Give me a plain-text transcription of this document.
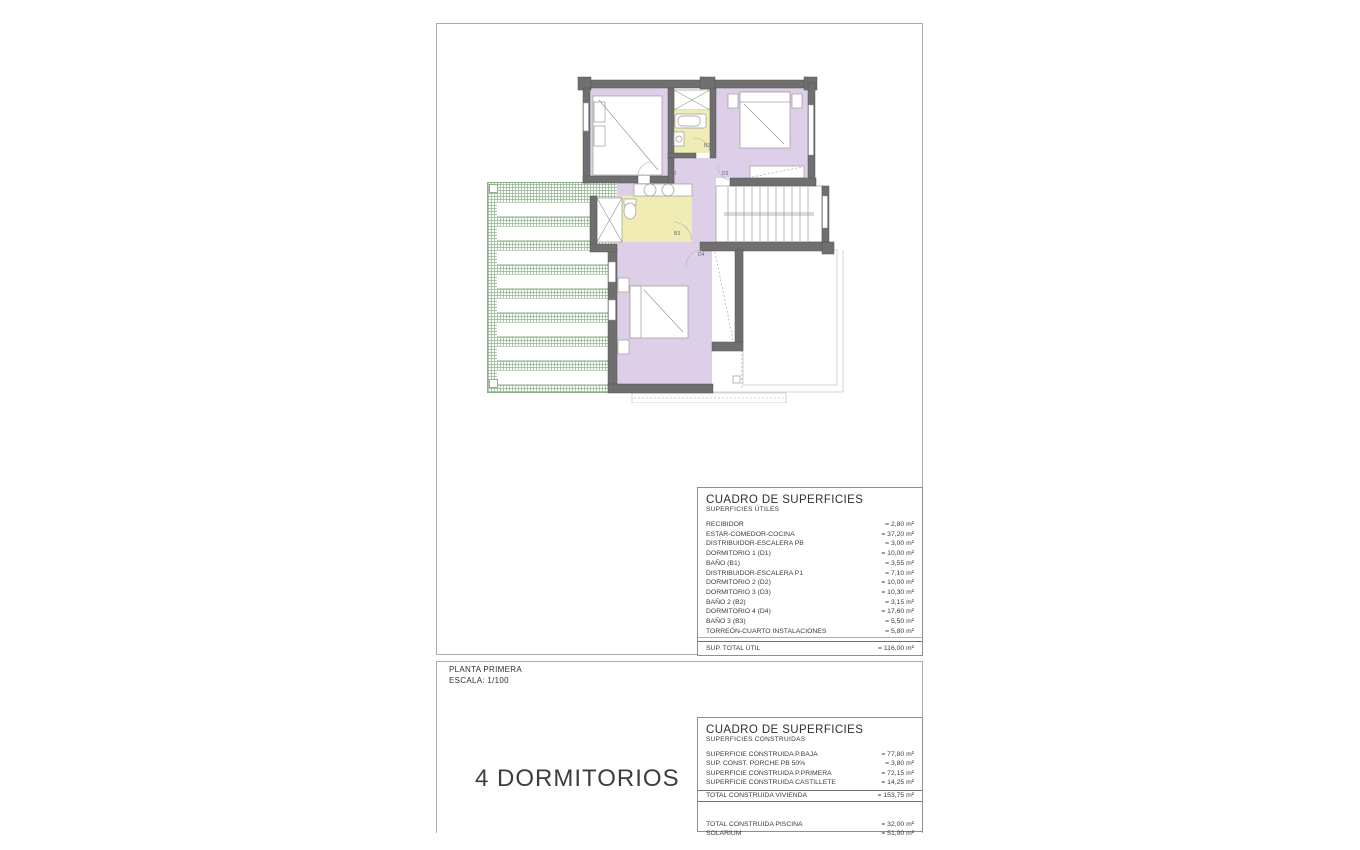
D2	D3
B2
B3
D4
CUADRO DE SUPERFICIES
SUPERFICIES ÚTILES
RECIBIDOR	= 2,80 m²
ESTAR-COMEDOR-COCINA	= 37,20 m²
DISTRIBUIDOR-ESCALERA PB	= 3,00 m²
DORMITORIO 1 (D1)	= 10,00 m²
BAÑO (B1)	= 3,55 m²
DISTRIBUIDOR-ESCALERA P1	= 7,10 m²
DORMITORIO 2 (D2)	= 10,00 m²
DORMITORIO 3 (D3)	= 10,30 m²
BAÑO 2 (B2)	= 3,15 m²
DORMITORIO 4 (D4)	= 17,60 m²
BAÑO 3 (B3)	= 5,50 m²
TORREÓN-CUARTO INSTALACIONES	= 5,80 m²
SUP. TOTAL ÚTIL	= 116,00 m²
PLANTA PRIMERA
ESCALA: 1/100
4 DORMITORIOS
CUADRO DE SUPERFICIES
SUPERFICIES CONSTRUIDAS
SUPERFICIE CONSTRUIDA P.BAJA	= 77,80 m²
SUP. CONST. PORCHE PB 50%	= 3,80 m²
SUPERFICIE CONSTRUIDA P.PRIMERA	= 72,15 m²
SUPERFICIE CONSTRUIDA CASTILLETE	= 14,25 m²
TOTAL CONSTRUIDA VIVIENDA	= 153,75 m²
TOTAL CONSTRUIDA PISCINA	= 32,00 m²
SOLARIUM	= 51,90 m²
